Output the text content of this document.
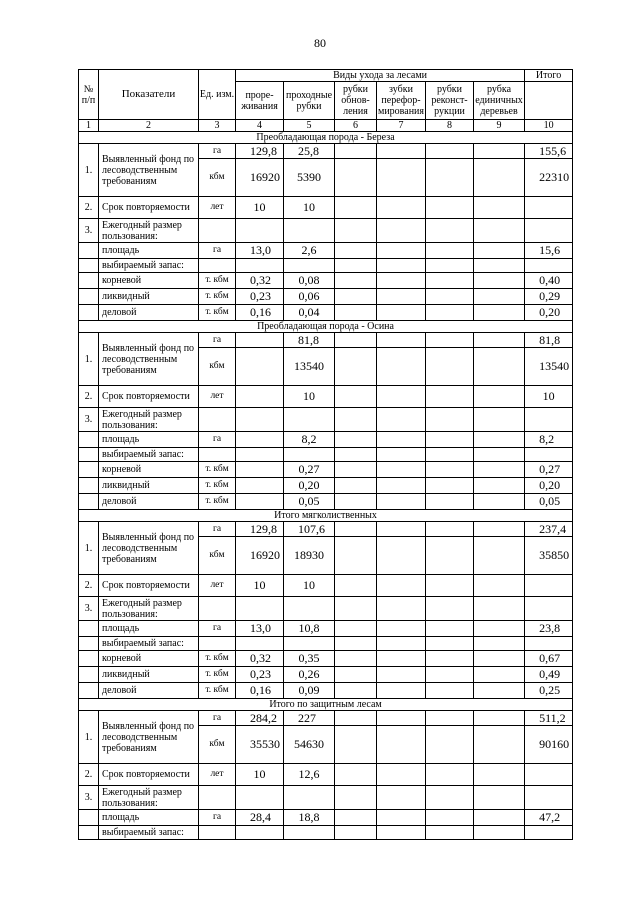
80
№ п/п	Показатели	Ед. изм.	Виды ухода за лесами						Итого
			проре-живания	проходные рубки	рубки обнов-ления	зубки перефор-мирования	рубки реконст-рукции	рубка единичных деревьев	
1	2	3	4	5	6	7	8	9	10
Преобладающая порода - Береза									
1.	Выявленный фонд по лесоводственным требованиям	га	129,8	25,8					155,6
		кбм	16920	5390					22310
2.	Срок повторяемости	лет	10	10					
3.	Ежегодный размер пользования:								
	площадь	га	13,0	2,6					15,6
	выбираемый запас:								
	корневой	т. кбм	0,32	0,08					0,40
	ликвидный	т. кбм	0,23	0,06					0,29
	деловой	т. кбм	0,16	0,04					0,20
Преобладающая порода - Осина									
1.	Выявленный фонд по лесоводственным требованиям	га		81,8					81,8
		кбм		13540					13540
2.	Срок повторяемости	лет		10					10
3.	Ежегодный размер пользования:								
	площадь	га		8,2					8,2
	выбираемый запас:								
	корневой	т. кбм		0,27					0,27
	ликвидный	т. кбм		0,20					0,20
	деловой	т. кбм		0,05					0,05
Итого мягколиственных									
1.	Выявленный фонд по лесоводственным требованиям	га	129,8	107,6					237,4
		кбм	16920	18930					35850
2.	Срок повторяемости	лет	10	10					
3.	Ежегодный размер пользования:								
	площадь	га	13,0	10,8					23,8
	выбираемый запас:								
	корневой	т. кбм	0,32	0,35					0,67
	ликвидный	т. кбм	0,23	0,26					0,49
	деловой	т. кбм	0,16	0,09					0,25
Итого по защитным лесам									
1.	Выявленный фонд по лесоводственным требованиям	га	284,2	227					511,2
		кбм	35530	54630					90160
2.	Срок повторяемости	лет	10	12,6					
3.	Ежегодный размер пользования:								
	площадь	га	28,4	18,8					47,2
	выбираемый запас:								
